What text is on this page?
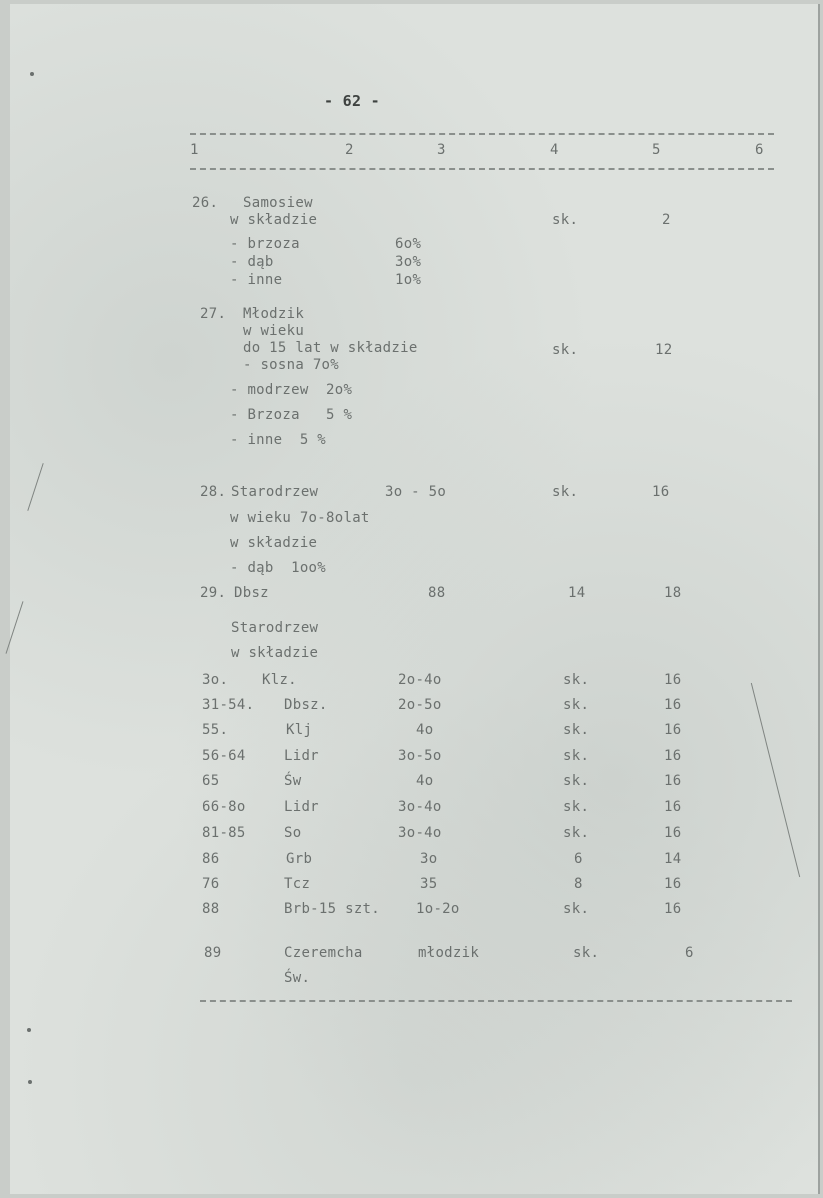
- 62 -
1	2	3	4	5	6
26. Samosiew
w składzie	sk.	2
- brzoza	6o%
- dąb	3o%
- inne	1o%
27. Młodzik
w wieku
do 15 lat w składzie	sk.	12
- sosna 7o%
- modrzew  2o%
- Brzoza   5 %
- inne  5 %
28. Starodrzew	3o - 5o	sk.	16
w wieku 7o-8olat
w składzie
- dąb  1oo%
29. Dbsz	88	14	18
Starodrzew
w składzie
3o. Klz.	2o-4o	sk.	16
31-54. Dbsz.	2o-5o	sk.	16
55.	Klj	4o	sk.	16
56-64	Lidr	3o-5o	sk.	16
65	Św	4o	sk.	16
66-8o	Lidr	3o-4o	sk.	16
81-85	So	3o-4o	sk.	16
86	Grb	3o	6	14
76	Tcz	35	8	16
88	Brb-15 szt.	1o-2o	sk.	16
89	Czeremcha	młodzik	sk.	6
Św.
